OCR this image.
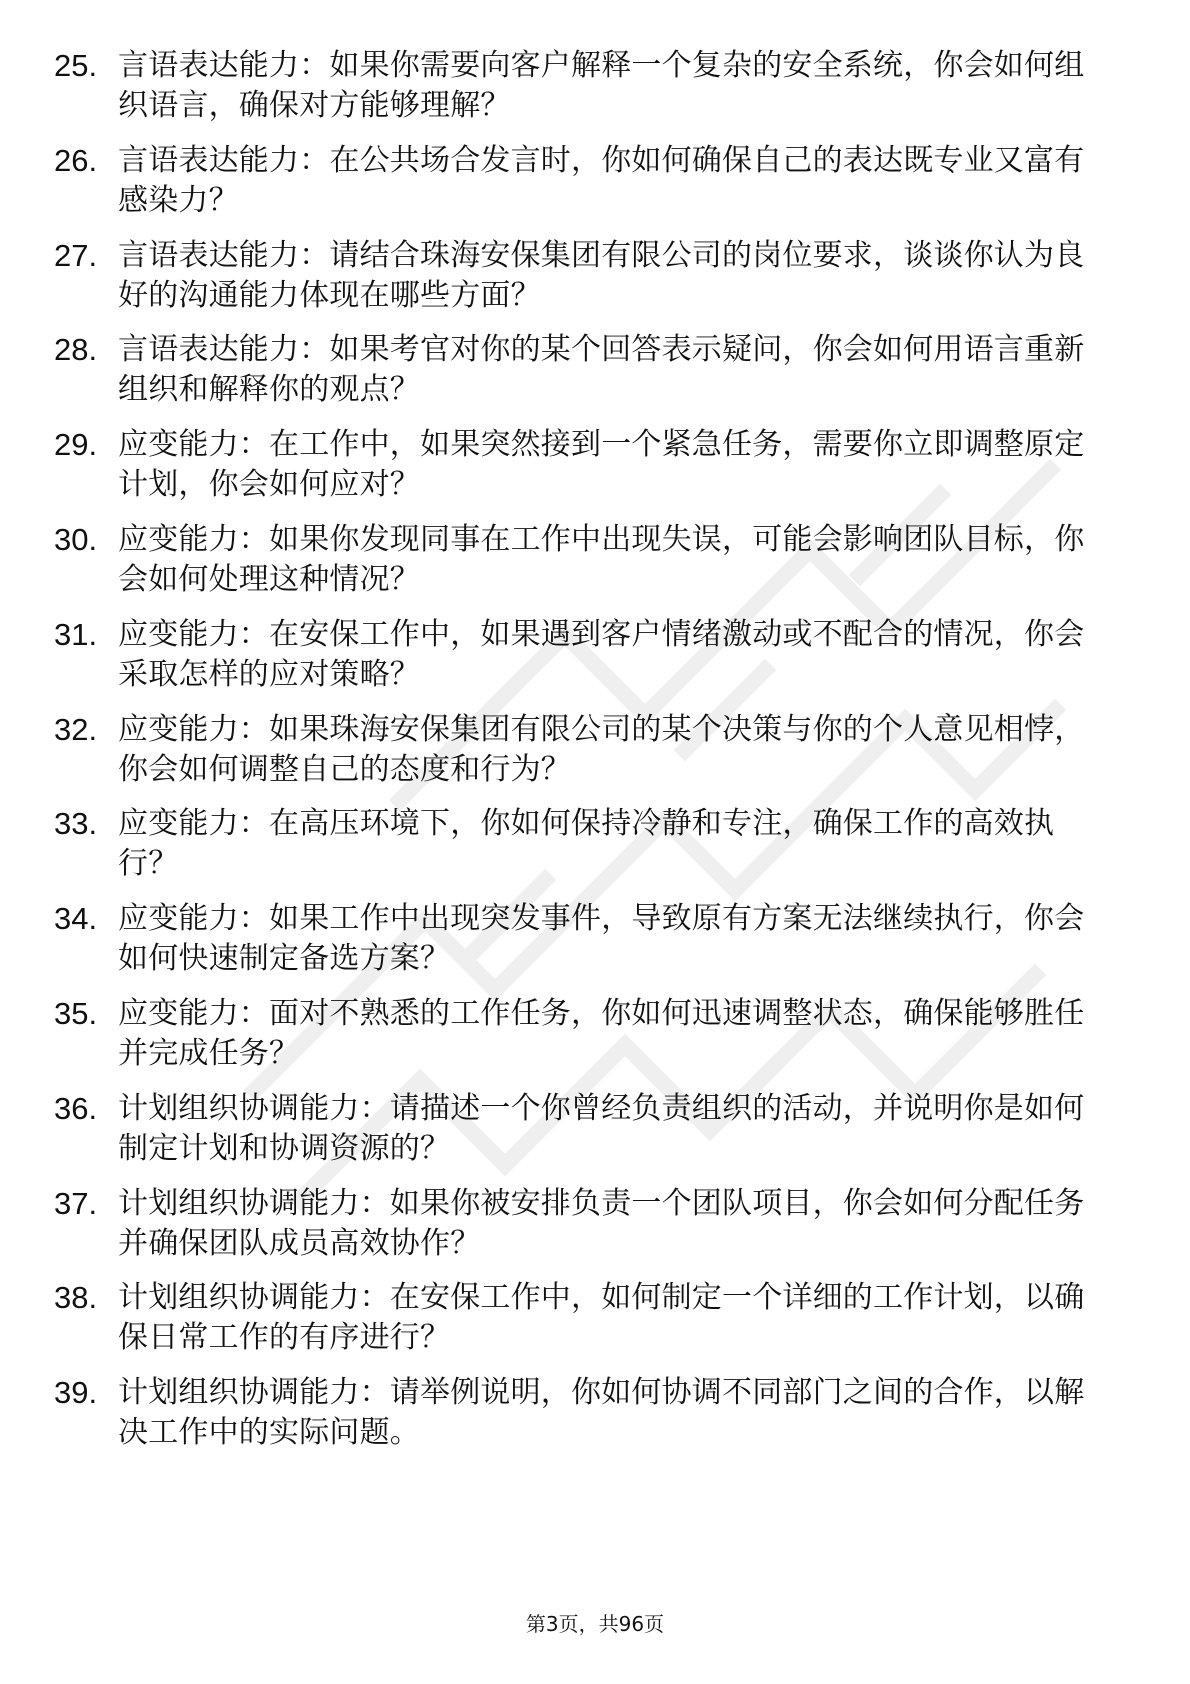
25. 言语表达能力：如果你需要向客户解释一个复杂的安全系统，你会如何组织语言，确保对方能够理解？
26. 言语表达能力：在公共场合发言时，你如何确保自己的表达既专业又富有感染力？
27. 言语表达能力：请结合珠海安保集团有限公司的岗位要求，谈谈你认为良好的沟通能力体现在哪些方面？
28. 言语表达能力：如果考官对你的某个回答表示疑问，你会如何用语言重新组织和解释你的观点？
29. 应变能力：在工作中，如果突然接到一个紧急任务，需要你立即调整原定计划，你会如何应对？
30. 应变能力：如果你发现同事在工作中出现失误，可能会影响团队目标，你会如何处理这种情况？
31. 应变能力：在安保工作中，如果遇到客户情绪激动或不配合的情况，你会采取怎样的应对策略？
32. 应变能力：如果珠海安保集团有限公司的某个决策与你的个人意见相悖，你会如何调整自己的态度和行为？
33. 应变能力：在高压环境下，你如何保持冷静和专注，确保工作的高效执行？
34. 应变能力：如果工作中出现突发事件，导致原有方案无法继续执行，你会如何快速制定备选方案？
35. 应变能力：面对不熟悉的工作任务，你如何迅速调整状态，确保能够胜任并完成任务？
36. 计划组织协调能力：请描述一个你曾经负责组织的活动，并说明你是如何制定计划和协调资源的？
37. 计划组织协调能力：如果你被安排负责一个团队项目，你会如何分配任务并确保团队成员高效协作？
38. 计划组织协调能力：在安保工作中，如何制定一个详细的工作计划，以确保日常工作的有序进行？
39. 计划组织协调能力：请举例说明，你如何协调不同部门之间的合作，以解决工作中的实际问题。
第3页，共96页
